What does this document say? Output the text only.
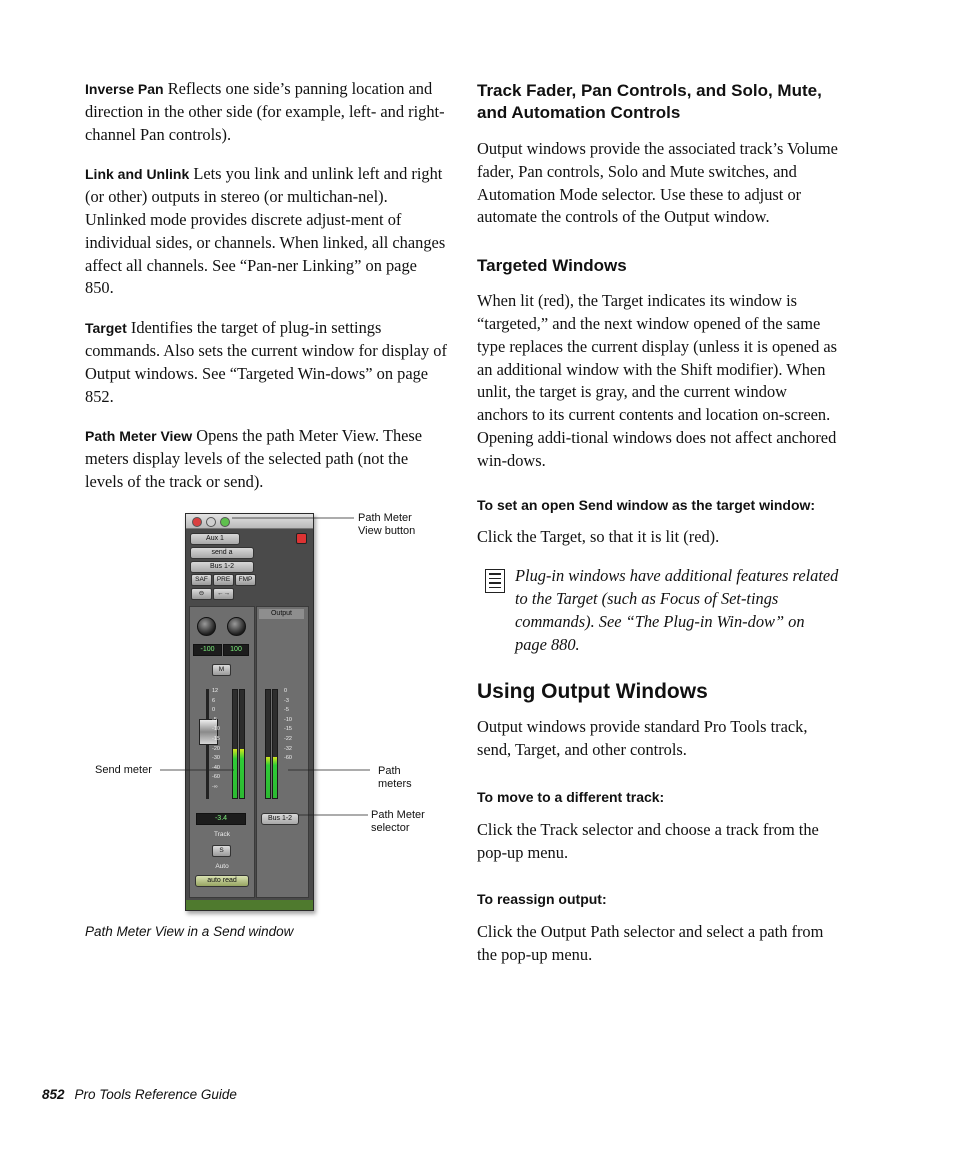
Inverse Pan Reflects one side’s panning location and direction in the other side (for example, left- and right-channel Pan controls).

Link and Unlink Lets you link and unlink left and right (or other) outputs in stereo (or multichan-nel). Unlinked mode provides discrete adjust-ment of individual sides, or channels. When linked, all changes affect all channels. See “Pan-ner Linking” on page 850.

Target Identifies the target of plug-in settings commands. Also sets the current window for display of Output windows. See “Targeted Win-dows” on page 852.

Path Meter View Opens the path Meter View. These meters display levels of the selected path (not the levels of the track or send).

Aux 1
send a
Bus 1-2
SAF	PRE	FMP
⊖	←→
-100	100
M
12
6
0
-5
-10
-15
-20
-30
-40
-60
-∞
-3.4
Track
S
Auto
auto read
Output
0
-3
-5
-10
-15
-22
-32
-60
Bus 1-2
Path Meter View button
Send meter	Path meters
Path Meter selector
Path Meter View in a Send window
Track Fader, Pan Controls, and Solo, Mute, and Automation Controls

Output windows provide the associated track’s Volume fader, Pan controls, Solo and Mute switches, and Automation Mode selector. Use these to adjust or automate the controls of the Output window.

Targeted Windows

When lit (red), the Target indicates its window is “targeted,” and the next window opened of the same type replaces the current display (unless it is opened as an additional window with the Shift modifier). When unlit, the target is gray, and the current window anchors to its current contents and location on-screen. Opening addi-tional windows does not affect anchored win-dows.

To set an open Send window as the target window:

Click the Target, so that it is lit (red).

Plug-in windows have additional features related to the Target (such as Focus of Set-tings commands). See “The Plug-in Win-dow” on page 880.

Using Output Windows

Output windows provide standard Pro Tools track, send, Target, and other controls.

To move to a different track:

Click the Track selector and choose a track from the pop-up menu.

To reassign output:

Click the Output Path selector and select a path from the pop-up menu.

852 Pro Tools Reference Guide
